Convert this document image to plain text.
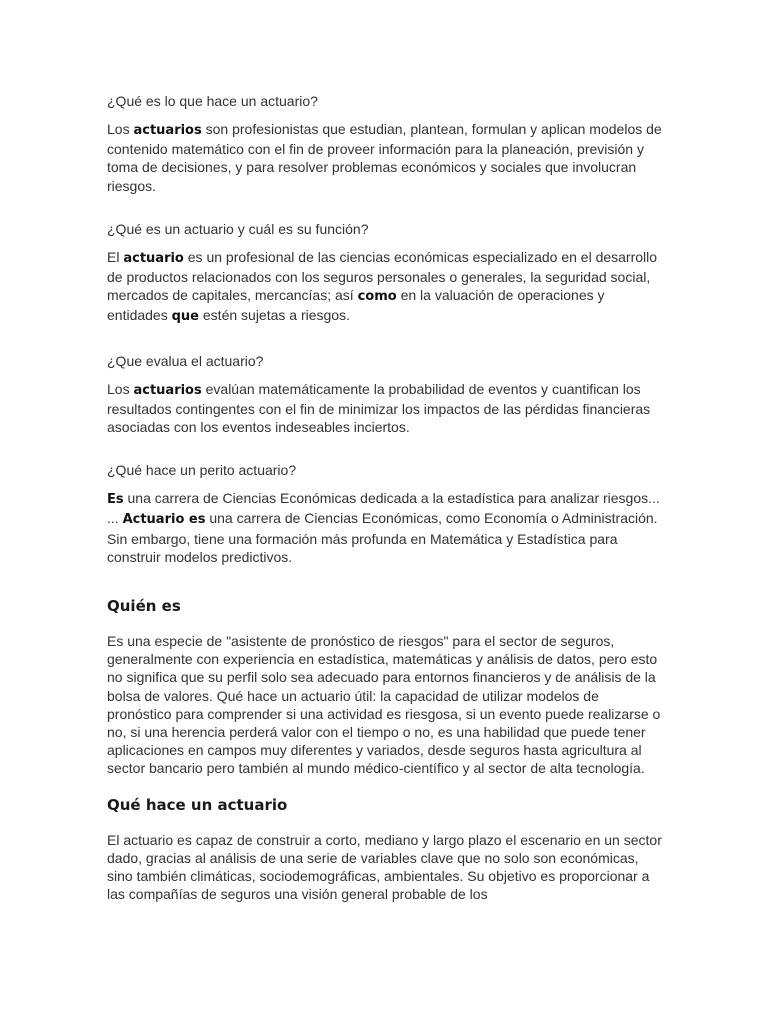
¿Qué es lo que hace un actuario?

Los actuarios son profesionistas que estudian, plantean, formulan y aplican modelos de contenido matemático con el fin de proveer información para la planeación, previsión y toma de decisiones, y para resolver problemas económicos y sociales que involucran riesgos.

¿Qué es un actuario y cuál es su función?

El actuario es un profesional de las ciencias económicas especializado en el desarrollo de productos relacionados con los seguros personales o generales, la seguridad social, mercados de capitales, mercancías; así como en la valuación de operaciones y entidades que estén sujetas a riesgos.

¿Que evalua el actuario?

Los actuarios evalúan matemáticamente la probabilidad de eventos y cuantifican los resultados contingentes con el fin de minimizar los impactos de las pérdidas financieras asociadas con los eventos indeseables inciertos.

¿Qué hace un perito actuario?

Es una carrera de Ciencias Económicas dedicada a la estadística para analizar riesgos... ... Actuario es una carrera de Ciencias Económicas, como Economía o Administración. Sin embargo, tiene una formación más profunda en Matemática y Estadística para construir modelos predictivos.

Quién es

Es una especie de "asistente de pronóstico de riesgos" para el sector de seguros, generalmente con experiencia en estadística, matemáticas y análisis de datos, pero esto no significa que su perfil solo sea adecuado para entornos financieros y de análisis de la bolsa de valores. Qué hace un actuario útil: la capacidad de utilizar modelos de pronóstico para comprender si una actividad es riesgosa, si un evento puede realizarse o no, si una herencia perderá valor con el tiempo o no, es una habilidad que puede tener aplicaciones en campos muy diferentes y variados, desde seguros hasta agricultura al sector bancario pero también al mundo médico-científico y al sector de alta tecnología.

Qué hace un actuario

El actuario es capaz de construir a corto, mediano y largo plazo el escenario en un sector dado, gracias al análisis de una serie de variables clave que no solo son económicas, sino también climáticas, sociodemográficas, ambientales. Su objetivo es proporcionar a las compañías de seguros una visión general probable de los
